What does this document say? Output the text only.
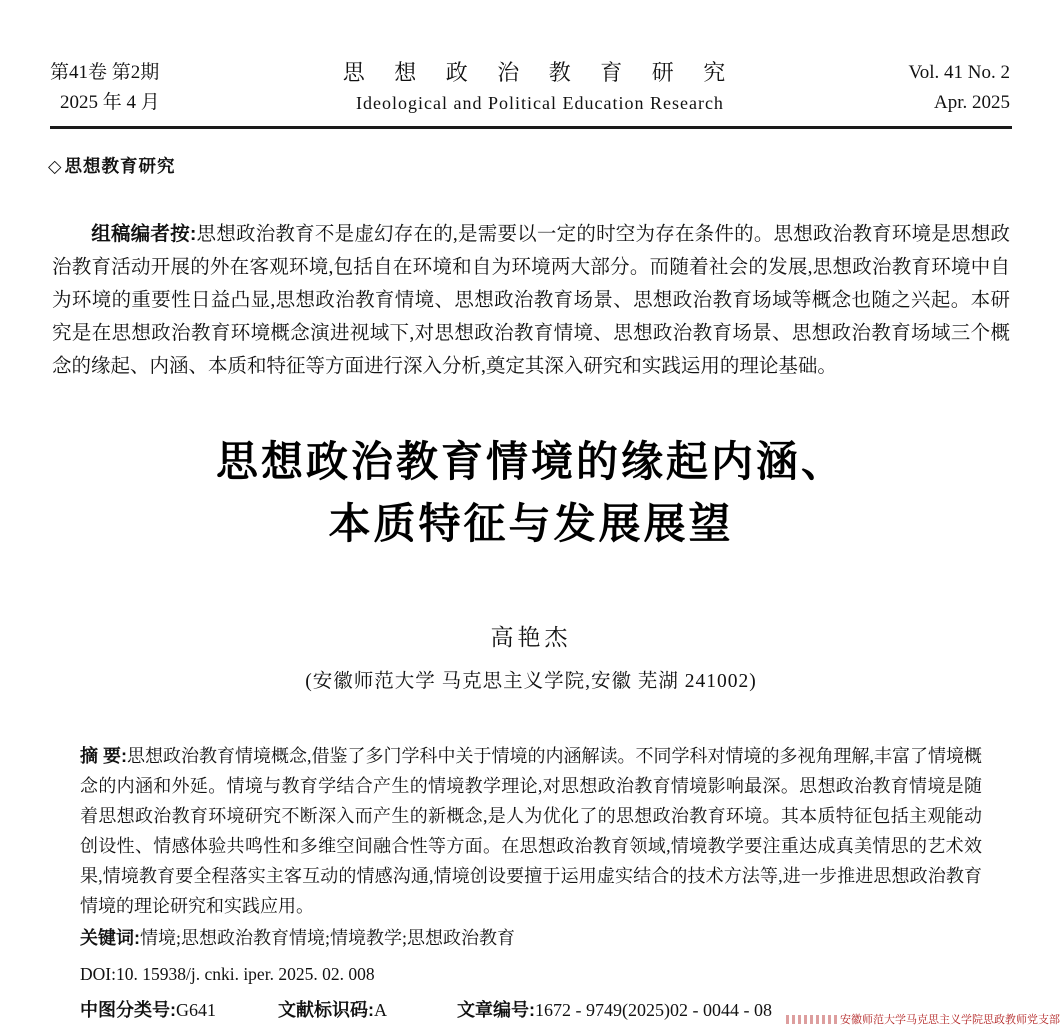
第41卷 第2期
2025 年 4 月
思 想 政 治 教 育 研 究
Ideological and Political Education Research
Vol. 41 No. 2
Apr. 2025
◇ 思想教育研究
组稿编者按:思想政治教育不是虚幻存在的,是需要以一定的时空为存在条件的。思想政治教育环境是思想政治教育活动开展的外在客观环境,包括自在环境和自为环境两大部分。而随着社会的发展,思想政治教育环境中自为环境的重要性日益凸显,思想政治教育情境、思想政治教育场景、思想政治教育场域等概念也随之兴起。本研究是在思想政治教育环境概念演进视域下,对思想政治教育情境、思想政治教育场景、思想政治教育场域三个概念的缘起、内涵、本质和特征等方面进行深入分析,奠定其深入研究和实践运用的理论基础。
思想政治教育情境的缘起内涵、
本质特征与发展展望
高艳杰
(安徽师范大学 马克思主义学院,安徽 芜湖 241002)
摘 要:思想政治教育情境概念,借鉴了多门学科中关于情境的内涵解读。不同学科对情境的多视角理解,丰富了情境概念的内涵和外延。情境与教育学结合产生的情境教学理论,对思想政治教育情境影响最深。思想政治教育情境是随着思想政治教育环境研究不断深入而产生的新概念,是人为优化了的思想政治教育环境。其本质特征包括主观能动创设性、情感体验共鸣性和多维空间融合性等方面。在思想政治教育领域,情境教学要注重达成真美情思的艺术效果,情境教育要全程落实主客互动的情感沟通,情境创设要擅于运用虚实结合的技术方法等,进一步推进思想政治教育情境的理论研究和实践应用。
关键词:情境;思想政治教育情境;情境教学;思想政治教育
DOI:10. 15938/j. cnki. iper. 2025. 02. 008
中图分类号:G641	文献标识码:A	文章编号:1672 - 9749(2025)02 - 0044 - 08	安徽师范大学马克思主义学院思政教师党支部
